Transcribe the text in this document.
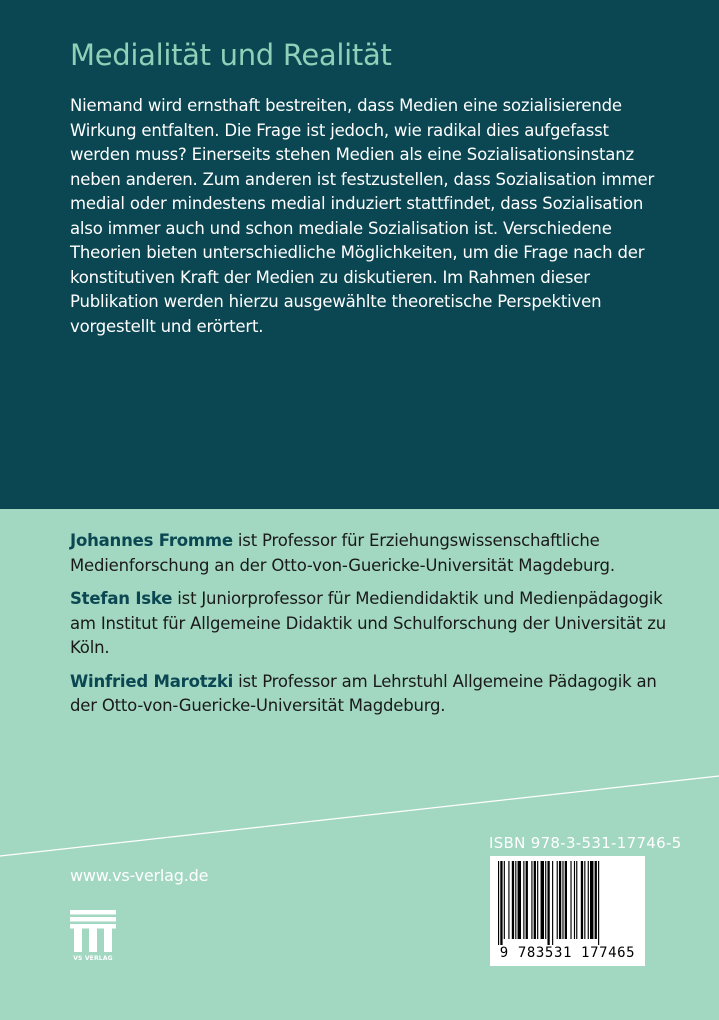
Medialität und Realität

Niemand wird ernsthaft bestreiten, dass Medien eine sozialisierende Wirkung entfalten. Die Frage ist jedoch, wie radikal dies aufgefasst werden muss? Einerseits stehen Medien als eine Sozialisationsinstanz neben anderen. Zum anderen ist festzustellen, dass Sozialisation immer medial oder mindestens medial induziert stattfindet, dass Sozialisation also immer auch und schon mediale Sozialisation ist. Verschiedene Theorien bieten unterschiedliche Möglichkeiten, um die Frage nach der konstitutiven Kraft der Medien zu diskutieren. Im Rahmen dieser Publikation werden hierzu ausgewählte theoretische Perspektiven vorgestellt und erörtert.

Johannes Fromme ist Professor für Erziehungswissenschaftliche Medienforschung an der Otto-von-Guericke-Universität Magdeburg.

Stefan Iske ist Juniorprofessor für Mediendidaktik und Medienpädagogik am Institut für Allgemeine Didaktik und Schulforschung der Universität zu Köln.

Winfried Marotzki ist Professor am Lehrstuhl Allgemeine Pädagogik an der Otto-von-Guericke-Universität Magdeburg.

www.vs-verlag.de
VS VERLAG
ISBN 978-3-531-17746-5
9 783531 177465
